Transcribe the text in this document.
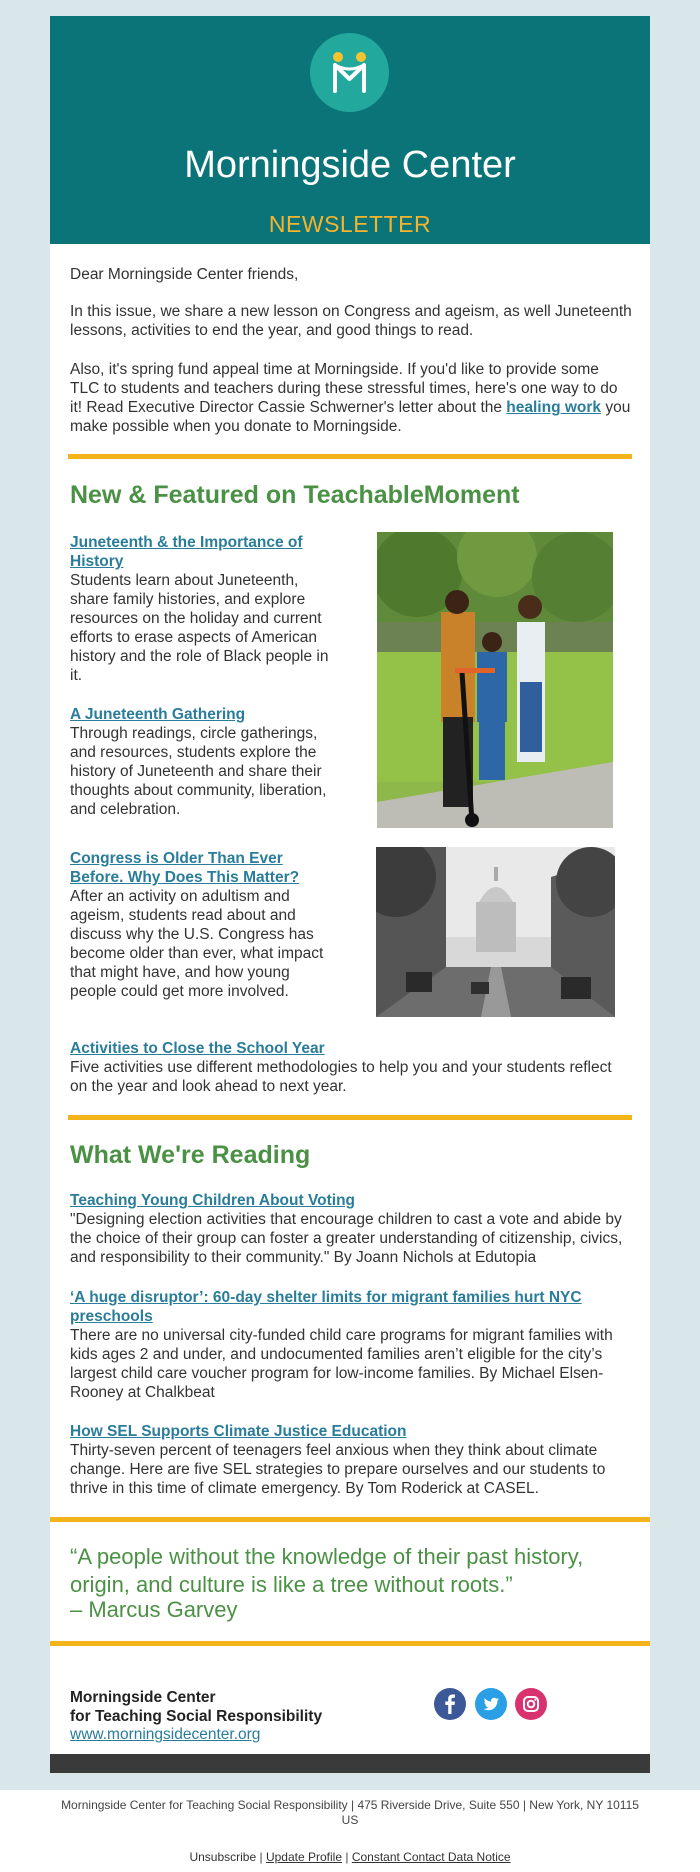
Morningside Center
NEWSLETTER
Dear Morningside Center friends,
In this issue, we share a new lesson on Congress and ageism, as well Juneteenth lessons, activities to end the year, and good things to read.
Also, it's spring fund appeal time at Morningside. If you'd like to provide some TLC to students and teachers during these stressful times, here's one way to do it! Read Executive Director Cassie Schwerner's letter about the healing work you make possible when you donate to Morningside.
New & Featured on TeachableMoment
Juneteenth & the Importance of History
Students learn about Juneteenth, share family histories, and explore resources on the holiday and current efforts to erase aspects of American history and the role of Black people in it.
A Juneteenth Gathering
Through readings, circle gatherings, and resources, students explore the history of Juneteenth and share their thoughts about community, liberation, and celebration.
Congress is Older Than Ever Before. Why Does This Matter?
After an activity on adultism and ageism, students read about and discuss why the U.S. Congress has become older than ever, what impact that might have, and how young people could get more involved.
Activities to Close the School Year
Five activities use different methodologies to help you and your students reflect on the year and look ahead to next year.
What We're Reading
Teaching Young Children About Voting
"Designing election activities that encourage children to cast a vote and abide by the choice of their group can foster a greater understanding of citizenship, civics, and responsibility to their community." By Joann Nichols at Edutopia
‘A huge disruptor’: 60-day shelter limits for migrant families hurt NYC preschools
There are no universal city-funded child care programs for migrant families with kids ages 2 and under, and undocumented families aren’t eligible for the city’s largest child care voucher program for low-income families. By Michael Elsen-Rooney at Chalkbeat
How SEL Supports Climate Justice Education
Thirty-seven percent of teenagers feel anxious when they think about climate change. Here are five SEL strategies to prepare ourselves and our students to thrive in this time of climate emergency. By Tom Roderick at CASEL.
“A people without the knowledge of their past history, origin, and culture is like a tree without roots.”
– Marcus Garvey
Morningside Center
for Teaching Social Responsibility
www.morningsidecenter.org
Morningside Center for Teaching Social Responsibility | 475 Riverside Drive, Suite 550 | New York, NY 10115 US
Unsubscribe | Update Profile | Constant Contact Data Notice
